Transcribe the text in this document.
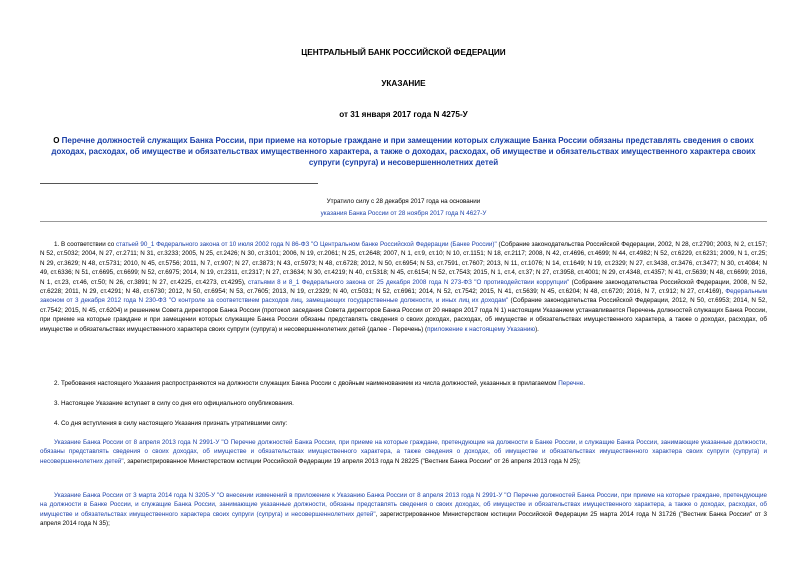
ЦЕНТРАЛЬНЫЙ БАНК РОССИЙСКОЙ ФЕДЕРАЦИИ
УКАЗАНИЕ
от 31 января 2017 года N 4275-У
О Перечне должностей служащих Банка России, при приеме на которые граждане и при замещении которых служащие Банка России обязаны представлять сведения о своих доходах, расходах, об имуществе и обязательствах имущественного характера, а также о доходах, расходах, об имуществе и обязательствах имущественного характера своих супруги (супруга) и несовершеннолетних детей
Утратило силу с 28 декабря 2017 года на основании
указания Банка России от 28 ноября 2017 года N 4627-У
1. В соответствии со статьей 90_1 Федерального закона от 10 июля 2002 года N 86-ФЗ "О Центральном банке Российской Федерации (Банке России)" (Собрание законодательства Российской Федерации, 2002, N 28, ст.2790; 2003, N 2, ст.157; N 52, ст.5032; 2004, N 27, ст.2711; N 31, ст.3233; 2005, N 25, ст.2426; N 30, ст.3101; 2006, N 19, ст.2061; N 25, ст.2648; 2007, N 1, ст.9, ст.10; N 10, ст.1151; N 18, ст.2117; 2008, N 42, ст.4696, ст.4699; N 44, ст.4982; N 52, ст.6229, ст.6231; 2009, N 1, ст.25; N 29, ст.3629; N 48, ст.5731; 2010, N 45, ст.5756; 2011, N 7, ст.907; N 27, ст.3873; N 43, ст.5973; N 48, ст.6728; 2012, N 50, ст.6954; N 53, ст.7591, ст.7607; 2013, N 11, ст.1076; N 14, ст.1649; N 19, ст.2329; N 27, ст.3438, ст.3476, ст.3477; N 30, ст.4084; N 49, ст.6336; N 51, ст.6695, ст.6699; N 52, ст.6975; 2014, N 19, ст.2311, ст.2317; N 27, ст.3634; N 30, ст.4219; N 40, ст.5318; N 45, ст.6154; N 52, ст.7543; 2015, N 1, ст.4, ст.37; N 27, ст.3958, ст.4001; N 29, ст.4348, ст.4357; N 41, ст.5639; N 48, ст.6699; 2016, N 1, ст.23, ст.46, ст.50; N 26, ст.3891; N 27, ст.4225, ст.4273, ст.4295), статьями 8 и 8_1 Федерального закона от 25 декабря 2008 года N 273-ФЗ "О противодействии коррупции" (Собрание законодательства Российской Федерации, 2008, N 52, ст.6228; 2011, N 29, ст.4291; N 48, ст.6730; 2012, N 50, ст.6954; N 53, ст.7605; 2013, N 19, ст.2329; N 40, ст.5031; N 52, ст.6961; 2014, N 52, ст.7542; 2015, N 41, ст.5639; N 45, ст.6204; N 48, ст.6720; 2016, N 7, ст.912; N 27, ст.4169), Федеральным законом от 3 декабря 2012 года N 230-ФЗ "О контроле за соответствием расходов лиц, замещающих государственные должности, и иных лиц их доходам" (Собрание законодательства Российской Федерации, 2012, N 50, ст.6953; 2014, N 52, ст.7542; 2015, N 45, ст.6204) и решением Совета директоров Банка России (протокол заседания Совета директоров Банка России от 20 января 2017 года N 1) настоящим Указанием устанавливается Перечень должностей служащих Банка России, при приеме на которые граждане и при замещении которых служащие Банка России обязаны представлять сведения о своих доходах, расходах, об имуществе и обязательствах имущественного характера, а также о доходах, расходах, об имуществе и обязательствах имущественного характера своих супруги (супруга) и несовершеннолетних детей (далее - Перечень) (приложение к настоящему Указанию).
2. Требования настоящего Указания распространяются на должности служащих Банка России с двойным наименованием из числа должностей, указанных в прилагаемом Перечне.
3. Настоящее Указание вступает в силу со дня его официального опубликования.
4. Со дня вступления в силу настоящего Указания признать утратившими силу:
Указание Банка России от 8 апреля 2013 года N 2991-У "О Перечне должностей Банка России, при приеме на которые граждане, претендующие на должности в Банке России, и служащие Банка России, занимающие указанные должности, обязаны представлять сведения о своих доходах, об имуществе и обязательствах имущественного характера, а также сведения о доходах, об имуществе и обязательствах имущественного характера своих супруги (супруга) и несовершеннолетних детей", зарегистрированное Министерством юстиции Российской Федерации 19 апреля 2013 года N 28225 ("Вестник Банка России" от 26 апреля 2013 года N 25);
Указание Банка России от 3 марта 2014 года N 3205-У "О внесении изменений в приложение к Указанию Банка России от 8 апреля 2013 года N 2991-У "О Перечне должностей Банка России, при приеме на которые граждане, претендующие на должности в Банке России, и служащие Банка России, занимающие указанные должности, обязаны представлять сведения о своих доходах, об имуществе и обязательствах имущественного характера, а также о доходах, расходах, об имуществе и обязательствах имущественного характера своих супруги (супруга) и несовершеннолетних детей", зарегистрированное Министерством юстиции Российской Федерации 25 марта 2014 года N 31726 ("Вестник Банка России" от 3 апреля 2014 года N 35);
